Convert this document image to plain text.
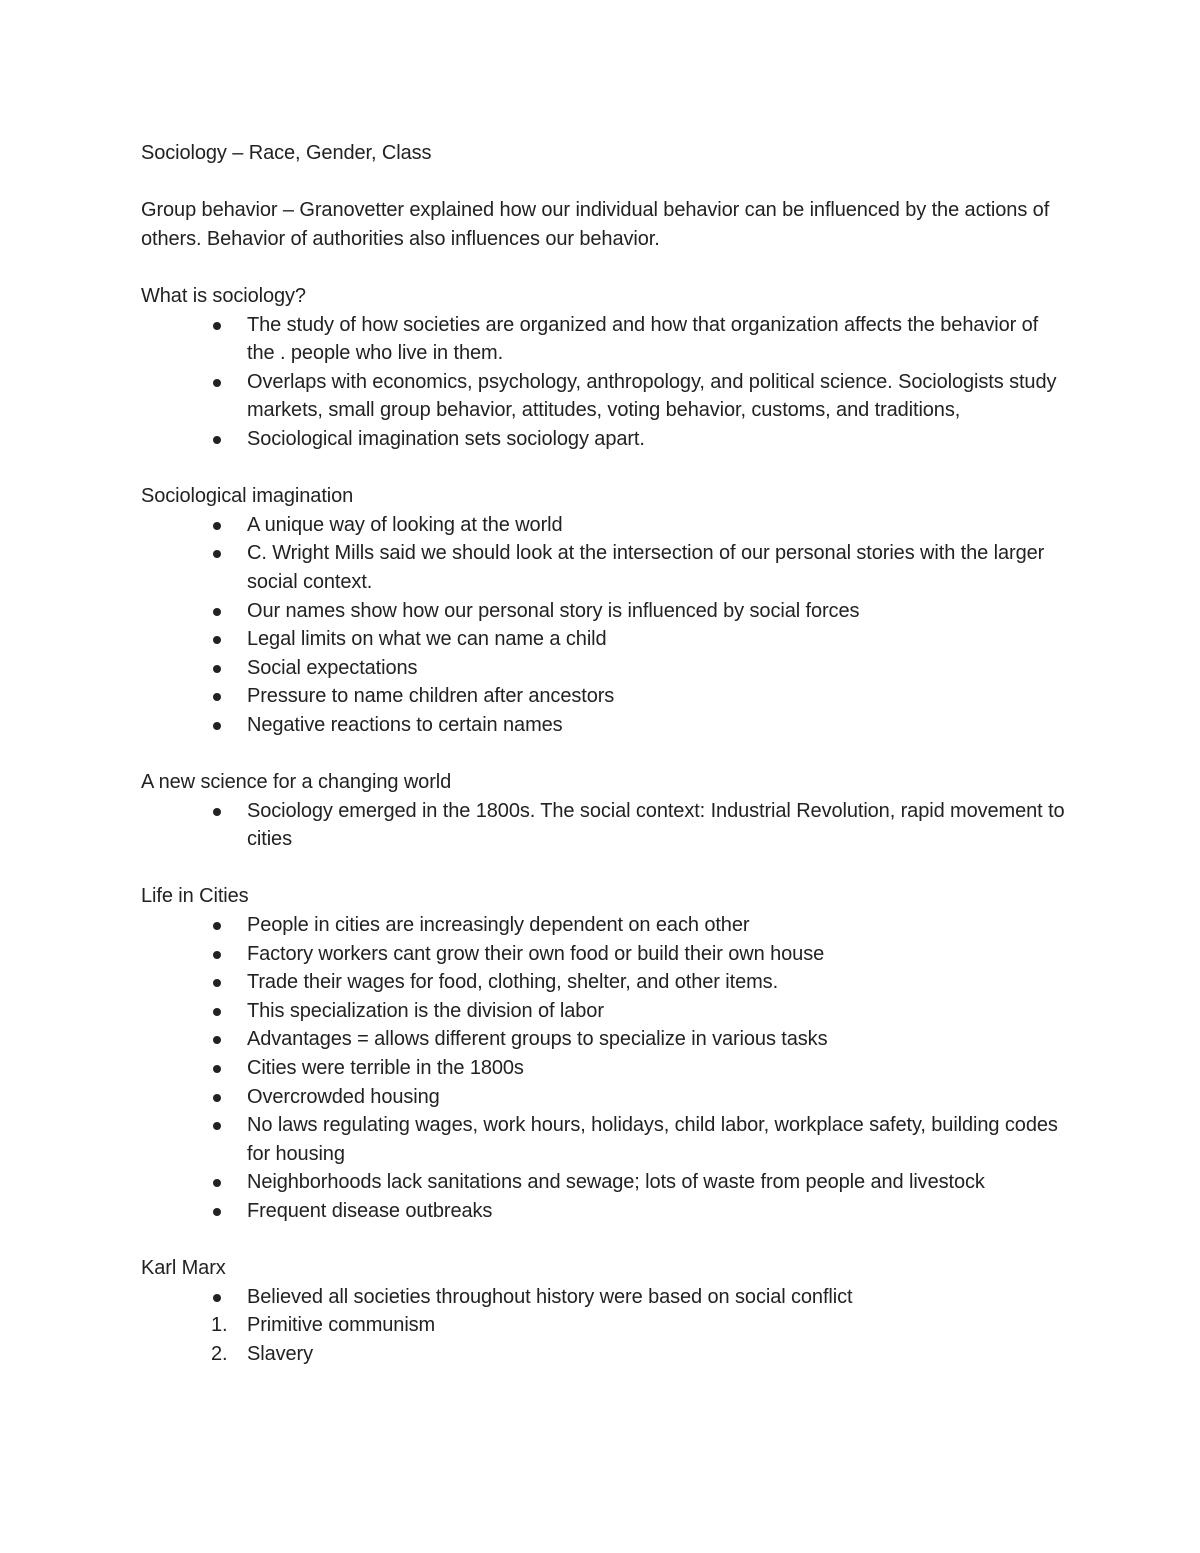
Sociology – Race, Gender, Class

Group behavior – Granovetter explained how our individual behavior can be influenced by the actions of others. Behavior of authorities also influences our behavior.

What is sociology?

The study of how societies are organized and how that organization affects the behavior of the . people who live in them.
Overlaps with economics, psychology, anthropology, and political science. Sociologists study markets, small group behavior, attitudes, voting behavior, customs, and traditions,
Sociological imagination sets sociology apart.

Sociological imagination

A unique way of looking at the world
C. Wright Mills said we should look at the intersection of our personal stories with the larger social context.
Our names show how our personal story is influenced by social forces
Legal limits on what we can name a child
Social expectations
Pressure to name children after ancestors
Negative reactions to certain names

A new science for a changing world

Sociology emerged in the 1800s. The social context: Industrial Revolution, rapid movement to cities

Life in Cities

People in cities are increasingly dependent on each other
Factory workers cant grow their own food or build their own house
Trade their wages for food, clothing, shelter, and other items.
This specialization is the division of labor
Advantages = allows different groups to specialize in various tasks
Cities were terrible in the 1800s
Overcrowded housing
No laws regulating wages, work hours, holidays, child labor, workplace safety, building codes for housing
Neighborhoods lack sanitations and sewage; lots of waste from people and livestock
Frequent disease outbreaks

Karl Marx

Believed all societies throughout history were based on social conflict
1. Primitive communism
2. Slavery
